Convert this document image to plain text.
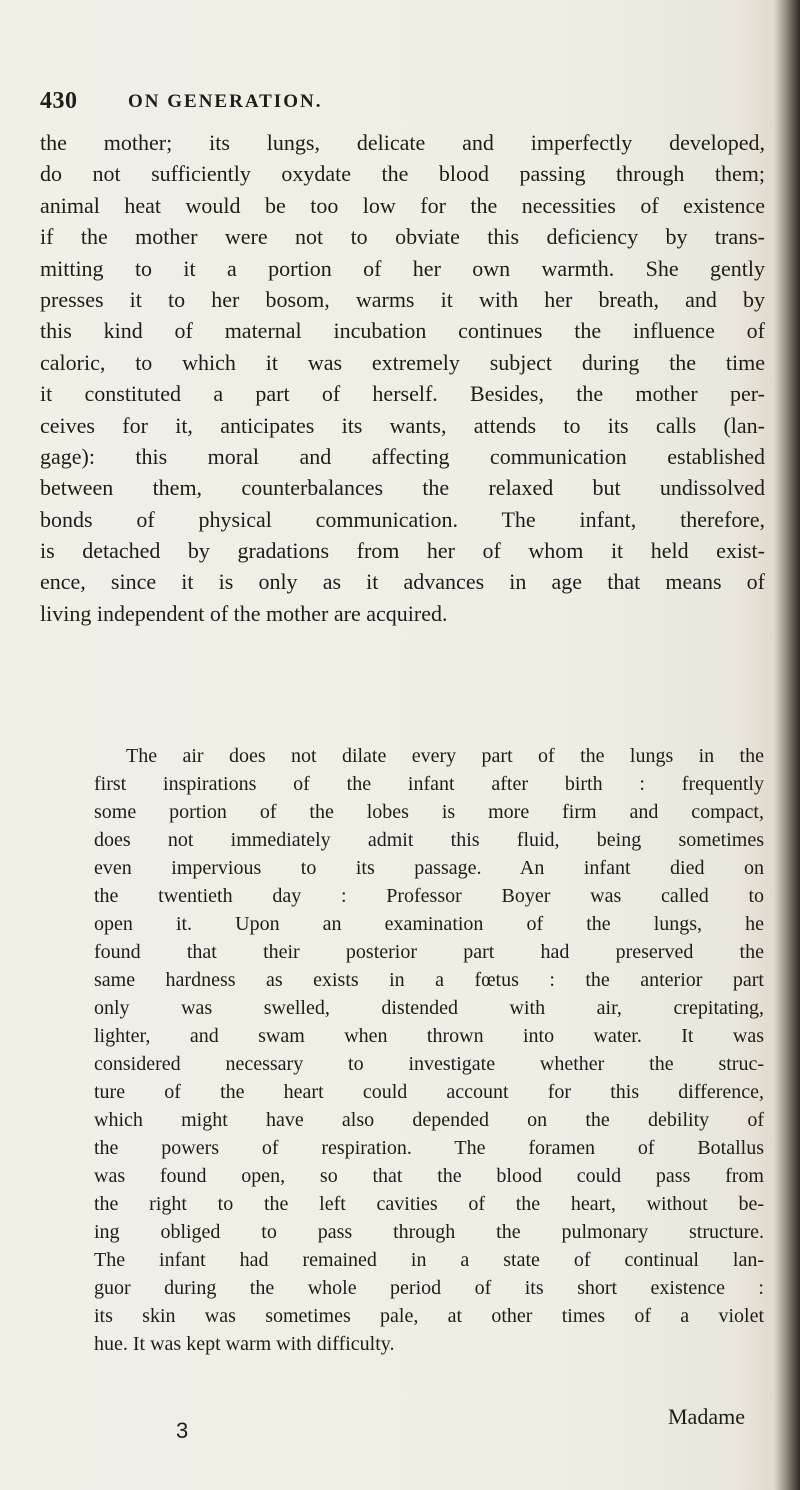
430	ON GENERATION.
the mother; its lungs, delicate and imperfectly developed,
do not sufficiently oxydate the blood passing through them;
animal heat would be too low for the necessities of existence
if the mother were not to obviate this deficiency by trans-
mitting to it a portion of her own warmth. She gently
presses it to her bosom, warms it with her breath, and by
this kind of maternal incubation continues the influence of
caloric, to which it was extremely subject during the time
it constituted a part of herself. Besides, the mother per-
ceives for it, anticipates its wants, attends to its calls (lan-
gage): this moral and affecting communication established
between them, counterbalances the relaxed but undissolved
bonds of physical communication. The infant, therefore,
is detached by gradations from her of whom it held exist-
ence, since it is only as it advances in age that means of
living independent of the mother are acquired.
The air does not dilate every part of the lungs in the
first inspirations of the infant after birth : frequently
some portion of the lobes is more firm and compact,
does not immediately admit this fluid, being sometimes
even impervious to its passage. An infant died on
the twentieth day : Professor Boyer was called to
open it. Upon an examination of the lungs, he
found that their posterior part had preserved the
same hardness as exists in a fœtus : the anterior part
only was swelled, distended with air, crepitating,
lighter, and swam when thrown into water. It was
considered necessary to investigate whether the struc-
ture of the heart could account for this difference,
which might have also depended on the debility of
the powers of respiration. The foramen of Botallus
was found open, so that the blood could pass from
the right to the left cavities of the heart, without be-
ing obliged to pass through the pulmonary structure.
The infant had remained in a state of continual lan-
guor during the whole period of its short existence :
its skin was sometimes pale, at other times of a violet
hue. It was kept warm with difficulty.
3
Madame
